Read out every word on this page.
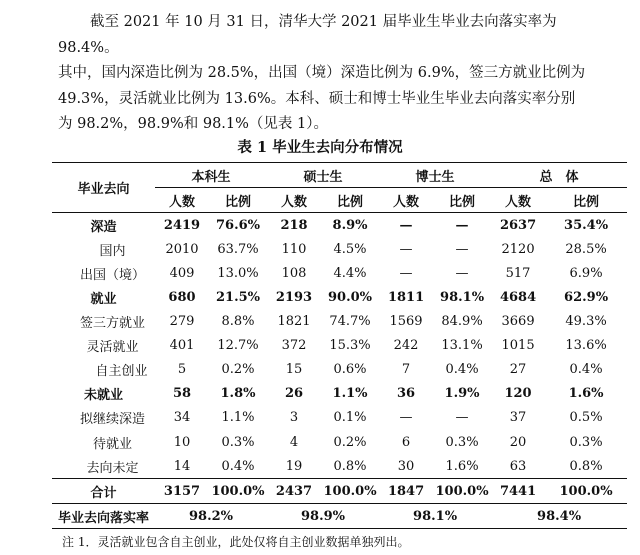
截至 2021 年 10 月 31 日，清华大学 2021 届毕业生毕业去向落实率为 98.4%。
其中，国内深造比例为 28.5%，出国（境）深造比例为 6.9%，签三方就业比例为
49.3%，灵活就业比例为 13.6%。本科、硕士和博士毕业生毕业去向落实率分别
为 98.2%，98.9%和 98.1%（见表 1）。

表 1 毕业生去向分布情况

毕业去向	本科生		硕士生		博士生		总　体	
	人数	比例	人数	比例	人数	比例	人数	比例
深造	2419	76.6%	218	8.9%	—	—	2637	35.4%
国内	2010	63.7%	110	4.5%	—	—	2120	28.5%
出国（境）	409	13.0%	108	4.4%	—	—	517	6.9%
就业	680	21.5%	2193	90.0%	1811	98.1%	4684	62.9%
签三方就业	279	8.8%	1821	74.7%	1569	84.9%	3669	49.3%
灵活就业	401	12.7%	372	15.3%	242	13.1%	1015	13.6%
自主创业	5	0.2%	15	0.6%	7	0.4%	27	0.4%
未就业	58	1.8%	26	1.1%	36	1.9%	120	1.6%
拟继续深造	34	1.1%	3	0.1%	—	—	37	0.5%
待就业	10	0.3%	4	0.2%	6	0.3%	20	0.3%
去向未定	14	0.4%	19	0.8%	30	1.6%	63	0.8%
合计	3157	100.0%	2437	100.0%	1847	100.0%	7441	100.0%
毕业去向落实率	98.2%		98.9%		98.1%		98.4%	

注 1．灵活就业包含自主创业，此处仅将自主创业数据单独列出。
